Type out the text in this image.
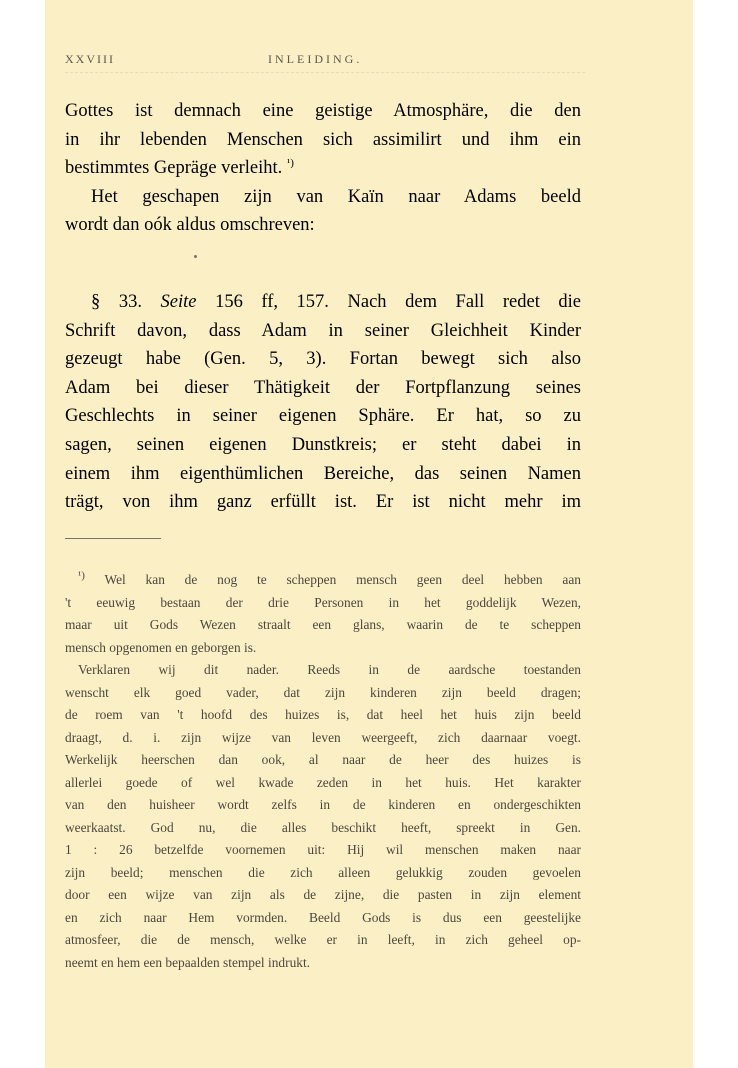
XXVIII	INLEIDING.
Gottes ist demnach eine geistige Atmosphäre, die den
in ihr lebenden Menschen sich assimilirt und ihm ein
bestimmtes Gepräge verleiht. $^{^1)}$
Het geschapen zijn van Kaïn naar Adams beeld
wordt dan oók aldus omschreven:
§ 33. Seite 156 ff, 157. Nach dem Fall redet die
Schrift davon, dass Adam in seiner Gleichheit Kinder
gezeugt habe (Gen. 5, 3). Fortan bewegt sich also
Adam bei dieser Thätigkeit der Fortpflanzung seines
Geschlechts in seiner eigenen Sphäre. Er hat, so zu
sagen, seinen eigenen Dunstkreis; er steht dabei in
einem ihm eigenthümlichen Bereiche, das seinen Namen
trägt, von ihm ganz erfüllt ist. Er ist nicht mehr im
$^{^1)}$ Wel kan de nog te scheppen mensch geen deel hebben aan
't eeuwig bestaan der drie Personen in het goddelijk Wezen,
maar uit Gods Wezen straalt een glans, waarin de te scheppen
mensch opgenomen en geborgen is.
Verklaren wij dit nader. Reeds in de aardsche toestanden
wenscht elk goed vader, dat zijn kinderen zijn beeld dragen;
de roem van 't hoofd des huizes is, dat heel het huis zijn beeld
draagt, d. i. zijn wijze van leven weergeeft, zich daarnaar voegt.
Werkelijk heerschen dan ook, al naar de heer des huizes is
allerlei goede of wel kwade zeden in het huis. Het karakter
van den huisheer wordt zelfs in de kinderen en ondergeschikten
weerkaatst. God nu, die alles beschikt heeft, spreekt in Gen.
1 : 26 betzelfde voornemen uit: Hij wil menschen maken naar
zijn beeld; menschen die zich alleen gelukkig zouden gevoelen
door een wijze van zijn als de zijne, die pasten in zijn element
en zich naar Hem vormden. Beeld Gods is dus een geestelijke
atmosfeer, die de mensch, welke er in leeft, in zich geheel op-
neemt en hem een bepaalden stempel indrukt.
